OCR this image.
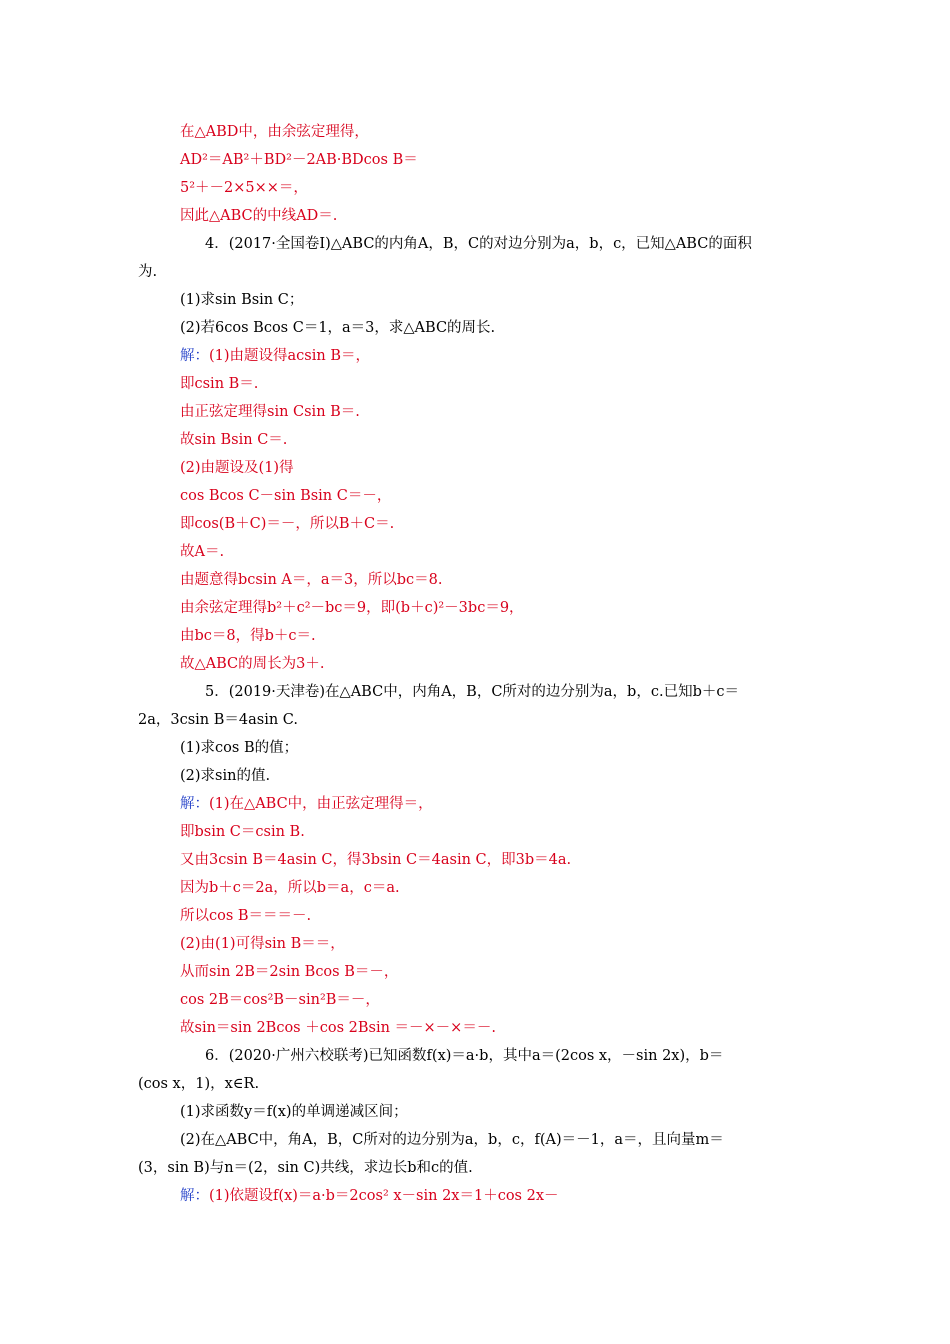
在△ABD中，由余弦定理得，
AD²＝AB²＋BD²－2AB·BDcos B＝
5²＋－2×5××＝，
因此△ABC的中线AD＝.
4．(2017·全国卷Ⅰ)△ABC的内角A，B，C的对边分别为a，b，c，已知△ABC的面积
为.
(1)求sin Bsin C；
(2)若6cos Bcos C＝1，a＝3，求△ABC的周长.
解：(1)由题设得acsin B＝，
即csin B＝.
由正弦定理得sin Csin B＝.
故sin Bsin C＝.
(2)由题设及(1)得
cos Bcos C－sin Bsin C＝－，
即cos(B＋C)＝－，所以B＋C＝.
故A＝.
由题意得bcsin A＝，a＝3，所以bc＝8.
由余弦定理得b²＋c²－bc＝9，即(b＋c)²－3bc＝9，
由bc＝8，得b＋c＝.
故△ABC的周长为3＋.
5．(2019·天津卷)在△ABC中，内角A，B，C所对的边分别为a，b，c.已知b＋c＝
2a，3csin B＝4asin C.
(1)求cos B的值；
(2)求sin的值.
解：(1)在△ABC中，由正弦定理得＝，
即bsin C＝csin B.
又由3csin B＝4asin C，得3bsin C＝4asin C，即3b＝4a.
因为b＋c＝2a，所以b＝a，c＝a.
所以cos B＝＝＝－.
(2)由(1)可得sin B＝＝，
从而sin 2B＝2sin Bcos B＝－，
cos 2B＝cos²B－sin²B＝－，
故sin＝sin 2Bcos ＋cos 2Bsin ＝－×－×＝－.
6．(2020·广州六校联考)已知函数f(x)＝a·b，其中a＝(2cos x，－sin 2x)，b＝
(cos x，1)，x∈R.
(1)求函数y＝f(x)的单调递减区间；
(2)在△ABC中，角A，B，C所对的边分别为a，b，c，f(A)＝－1，a＝，且向量m＝
(3，sin B)与n＝(2，sin C)共线，求边长b和c的值.
解：(1)依题设f(x)＝a·b＝2cos² x－sin 2x＝1＋cos 2x－
